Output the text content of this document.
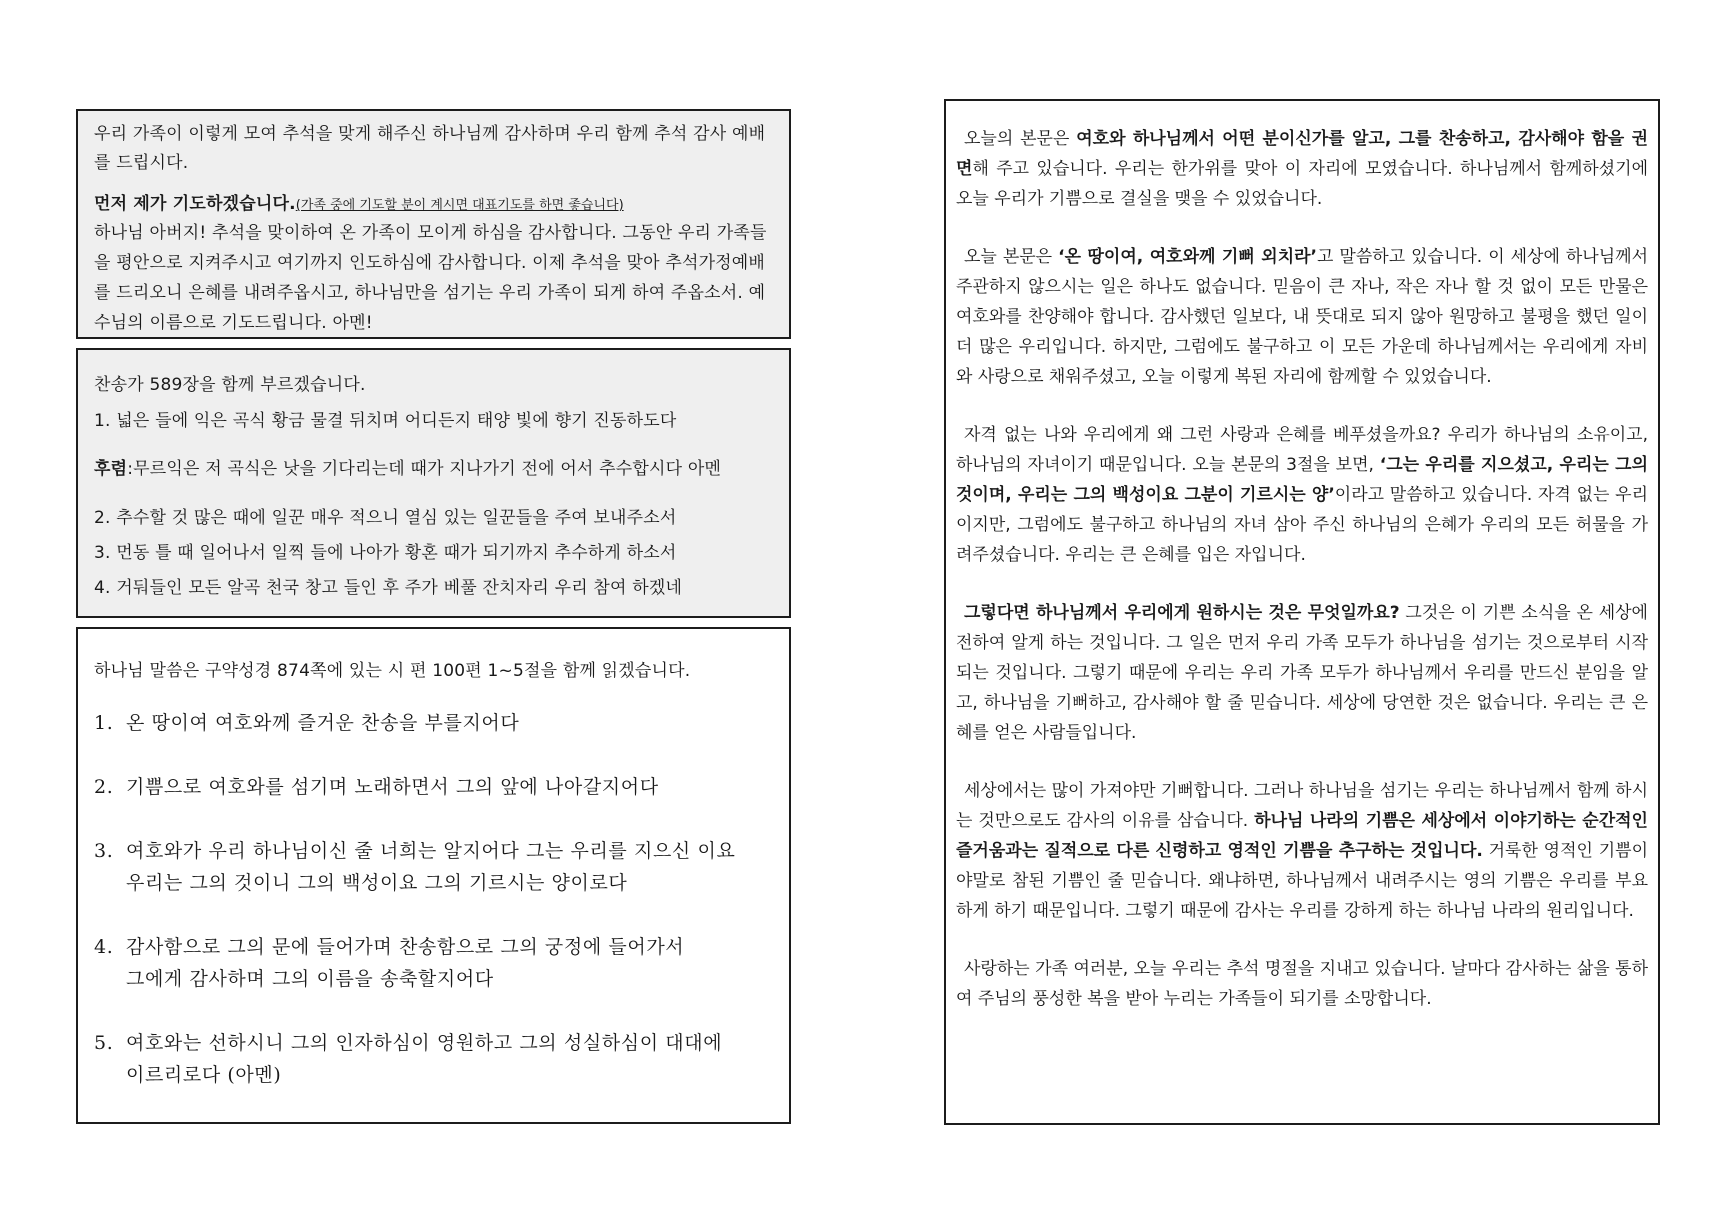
우리 가족이 이렇게 모여 추석을 맞게 해주신 하나님께 감사하며 우리 함께 추석 감사 예배를 드립시다.

먼저 제가 기도하겠습니다.(가족 중에 기도할 분이 계시면 대표기도를 하면 좋습니다)

하나님 아버지! 추석을 맞이하여 온 가족이 모이게 하심을 감사합니다. 그동안 우리 가족들을 평안으로 지켜주시고 여기까지 인도하심에 감사합니다. 이제 추석을 맞아 추석가정예배를 드리오니 은혜를 내려주옵시고, 하나님만을 섬기는 우리 가족이 되게 하여 주옵소서. 예수님의 이름으로 기도드립니다. 아멘!

찬송가 589장을 함께 부르겠습니다.

1. 넓은 들에 익은 곡식 황금 물결 뒤치며 어디든지 태양 빛에 향기 진동하도다

후렴:무르익은 저 곡식은 낫을 기다리는데 때가 지나가기 전에 어서 추수합시다 아멘

2. 추수할 것 많은 때에 일꾼 매우 적으니 열심 있는 일꾼들을 주여 보내주소서

3. 먼동 틀 때 일어나서 일찍 들에 나아가 황혼 때가 되기까지 추수하게 하소서

4. 거둬들인 모든 알곡 천국 창고 들인 후 주가 베풀 잔치자리 우리 참여 하겠네

하나님 말씀은 구약성경 874쪽에 있는 시 편 100편 1~5절을 함께 읽겠습니다.

1. 온 땅이여 여호와께 즐거운 찬송을 부를지어다
2. 기쁨으로 여호와를 섬기며 노래하면서 그의 앞에 나아갈지어다
3. 여호와가 우리 하나님이신 줄 너희는 알지어다 그는 우리를 지으신 이요
우리는 그의 것이니 그의 백성이요 그의 기르시는 양이로다
4. 감사함으로 그의 문에 들어가며 찬송함으로 그의 궁정에 들어가서
그에게 감사하며 그의 이름을 송축할지어다
5. 여호와는 선하시니 그의 인자하심이 영원하고 그의 성실하심이 대대에
이르리로다 (아멘)

오늘의 본문은 여호와 하나님께서 어떤 분이신가를 알고, 그를 찬송하고, 감사해야 함을 권면해 주고 있습니다. 우리는 한가위를 맞아 이 자리에 모였습니다. 하나님께서 함께하셨기에 오늘 우리가 기쁨으로 결실을 맺을 수 있었습니다.

오늘 본문은 ‘온 땅이여, 여호와께 기뻐 외치라’고 말씀하고 있습니다. 이 세상에 하나님께서 주관하지 않으시는 일은 하나도 없습니다. 믿음이 큰 자나, 작은 자나 할 것 없이 모든 만물은 여호와를 찬양해야 합니다. 감사했던 일보다, 내 뜻대로 되지 않아 원망하고 불평을 했던 일이 더 많은 우리입니다. 하지만, 그럼에도 불구하고 이 모든 가운데 하나님께서는 우리에게 자비와 사랑으로 채워주셨고, 오늘 이렇게 복된 자리에 함께할 수 있었습니다.

자격 없는 나와 우리에게 왜 그런 사랑과 은혜를 베푸셨을까요? 우리가 하나님의 소유이고, 하나님의 자녀이기 때문입니다. 오늘 본문의 3절을 보면, ‘그는 우리를 지으셨고, 우리는 그의 것이며, 우리는 그의 백성이요 그분이 기르시는 양’이라고 말씀하고 있습니다. 자격 없는 우리이지만, 그럼에도 불구하고 하나님의 자녀 삼아 주신 하나님의 은혜가 우리의 모든 허물을 가려주셨습니다. 우리는 큰 은혜를 입은 자입니다.

그렇다면 하나님께서 우리에게 원하시는 것은 무엇일까요? 그것은 이 기쁜 소식을 온 세상에 전하여 알게 하는 것입니다. 그 일은 먼저 우리 가족 모두가 하나님을 섬기는 것으로부터 시작되는 것입니다. 그렇기 때문에 우리는 우리 가족 모두가 하나님께서 우리를 만드신 분임을 알고, 하나님을 기뻐하고, 감사해야 할 줄 믿습니다. 세상에 당연한 것은 없습니다. 우리는 큰 은혜를 얻은 사람들입니다.

세상에서는 많이 가져야만 기뻐합니다. 그러나 하나님을 섬기는 우리는 하나님께서 함께 하시는 것만으로도 감사의 이유를 삼습니다. 하나님 나라의 기쁨은 세상에서 이야기하는 순간적인 즐거움과는 질적으로 다른 신령하고 영적인 기쁨을 추구하는 것입니다. 거룩한 영적인 기쁨이야말로 참된 기쁨인 줄 믿습니다. 왜냐하면, 하나님께서 내려주시는 영의 기쁨은 우리를 부요하게 하기 때문입니다. 그렇기 때문에 감사는 우리를 강하게 하는 하나님 나라의 원리입니다.

사랑하는 가족 여러분, 오늘 우리는 추석 명절을 지내고 있습니다. 날마다 감사하는 삶을 통하여 주님의 풍성한 복을 받아 누리는 가족들이 되기를 소망합니다.
